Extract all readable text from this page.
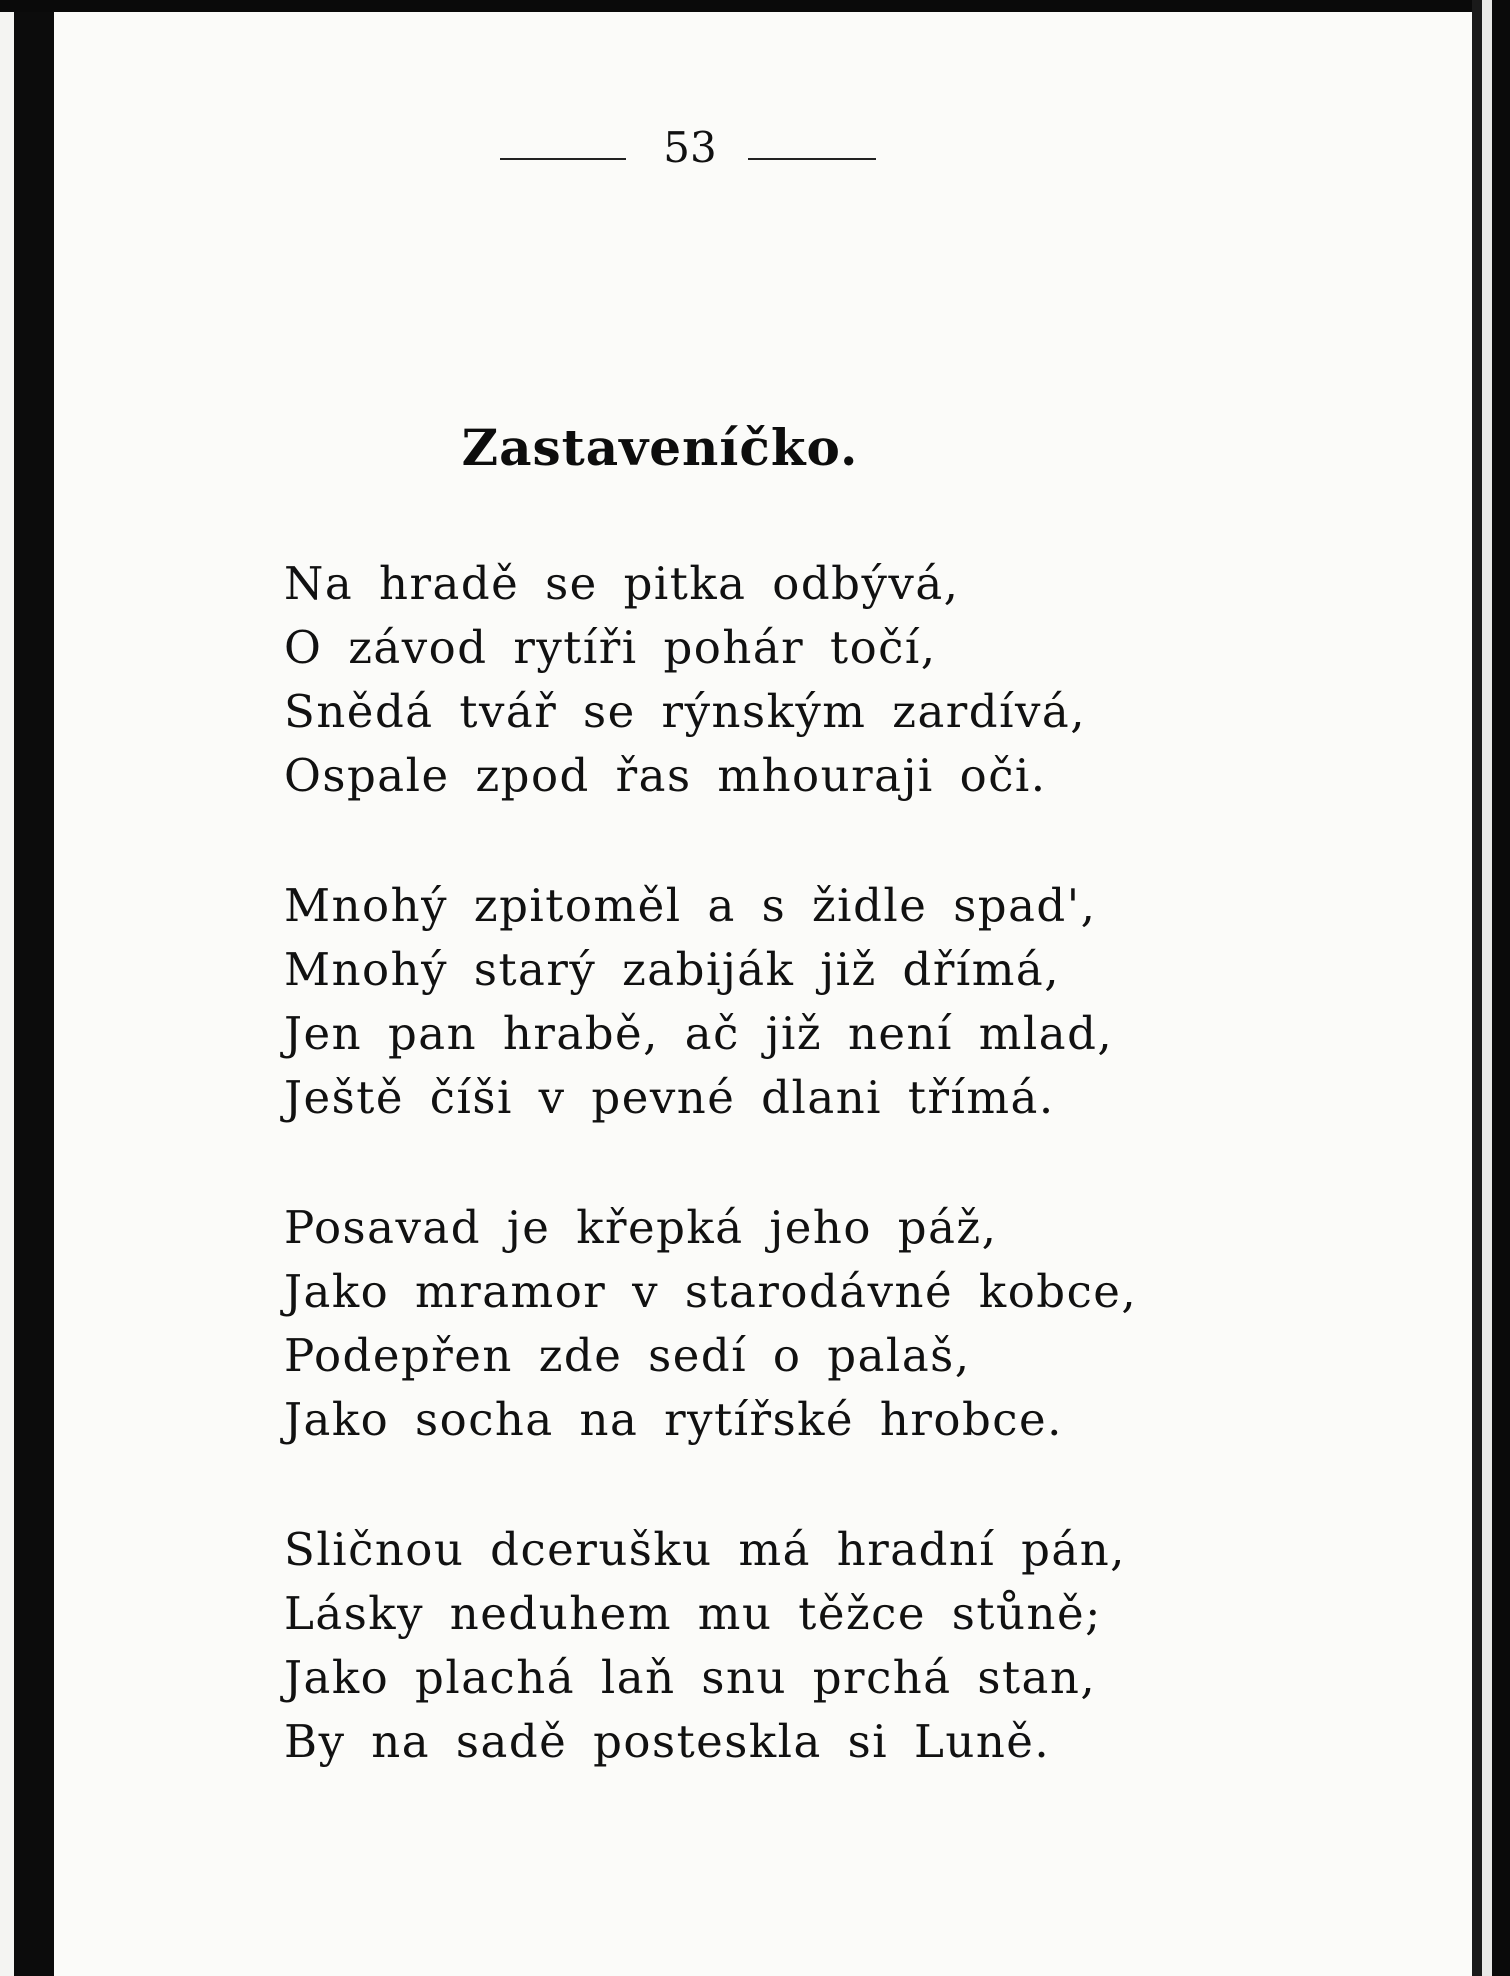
53
Zastaveníčko.
Na hradě se pitka odbývá,
O závod rytíři pohár točí,
Snědá tvář se rýnským zardívá,
Ospale zpod řas mhouraji oči.
Mnohý zpitoměl a s židle spad',
Mnohý starý zabiják již dřímá,
Jen pan hrabě, ač již není mlad,
Ještě číši v pevné dlani třímá.
Posavad je křepká jeho páž,
Jako mramor v starodávné kobce,
Podepřen zde sedí o palaš,
Jako socha na rytířské hrobce.
Sličnou dcerušku má hradní pán,
Lásky neduhem mu těžce stůně;
Jako plachá laň snu prchá stan,
By na sadě posteskla si Luně.
